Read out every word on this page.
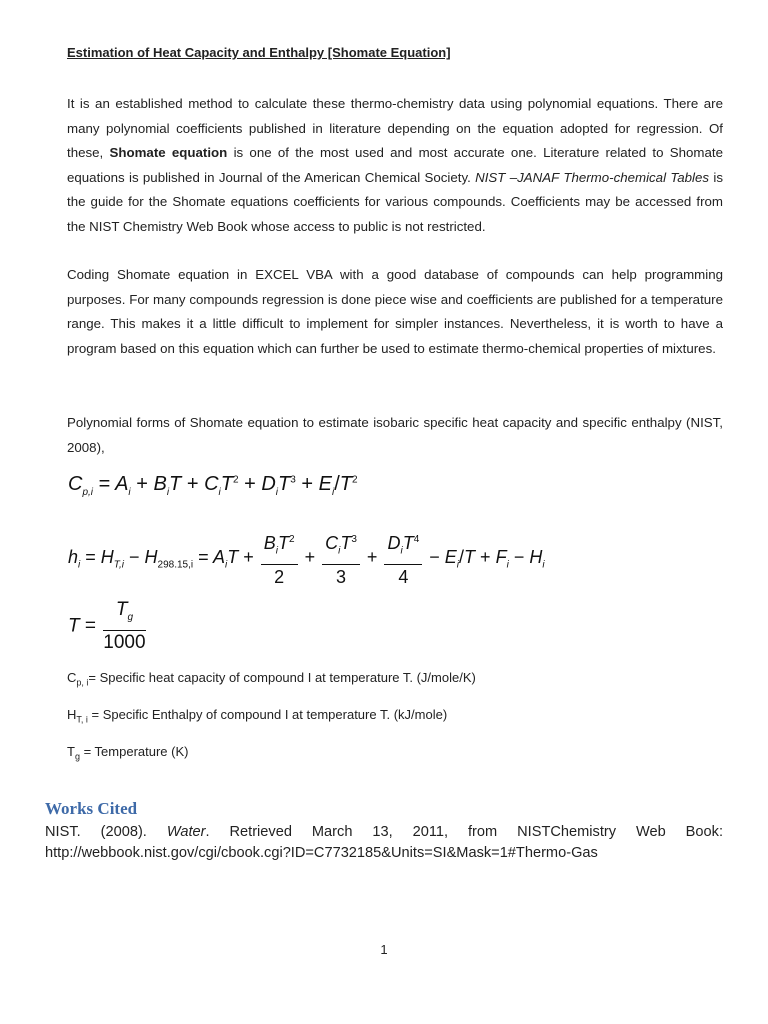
Estimation of Heat Capacity and Enthalpy [Shomate Equation]

It is an established method to calculate these thermo-chemistry data using polynomial equations. There are many polynomial coefficients published in literature depending on the equation adopted for regression. Of these, Shomate equation is one of the most used and most accurate one. Literature related to Shomate equations is published in Journal of the American Chemical Society. NIST –JANAF Thermo-chemical Tables is the guide for the Shomate equations coefficients for various compounds. Coefficients may be accessed from the NIST Chemistry Web Book whose access to public is not restricted.

Coding Shomate equation in EXCEL VBA with a good database of compounds can help programming purposes. For many compounds regression is done piece wise and coefficients are published for a temperature range. This makes it a little difficult to implement for simpler instances. Nevertheless, it is worth to have a program based on this equation which can further be used to estimate thermo-chemical properties of mixtures.

Polynomial forms of Shomate equation to estimate isobaric specific heat capacity and specific enthalpy (NIST, 2008),

$C_{p,i} = A_i + B_iT + C_iT^2 + D_iT^3 + E_i/T^2$
$h_i = H_{T,i} - H_{298.15,i} = A_iT + \frac{B_iT^2}{2} + \frac{C_iT^3}{3} + \frac{D_iT^4}{4} - E_i/T + F_i - H_i$
$T = \frac{T_g}{1000}$
$C_{p, i}=$ Specific heat capacity of compound I at temperature T. (J/mole/K)
$H_{T, i}$ = Specific Enthalpy of compound I at temperature T. (kJ/mole)
$T_g$ = Temperature (K)
Works Cited

NIST. (2008). Water. Retrieved March 13, 2011, from NISTChemistry Web Book: http://webbook.nist.gov/cgi/cbook.cgi?ID=C7732185&Units=SI&Mask=1#Thermo-Gas

1
